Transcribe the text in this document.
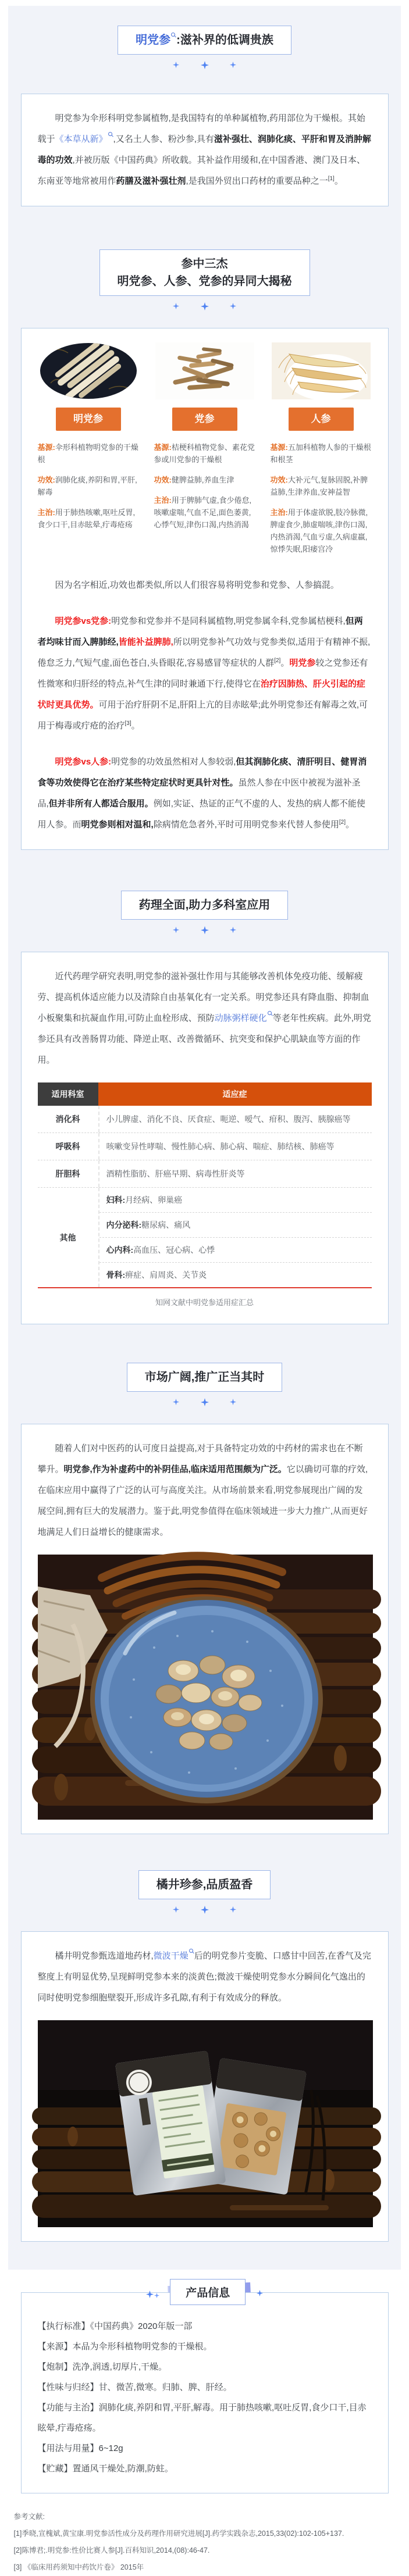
明党参 :滋补界的低调贵族

明党参为伞形科明党参属植物,是我国特有的单种属植物,药用部位为干燥根。其始载于《本草从新》 ,又名土人参、粉沙参,具有滋补强壮、润肺化痰、平肝和胃及消肿解毒的功效,并被历版《中国药典》所收载。其补益作用缓和,在中国香港、澳门及日本、东南亚等地常被用作药膳及滋补强壮剂,是我国外贸出口药材的重要品种之一[1]。

参中三杰
明党参、人参、党参的异同大揭秘

明党参
基源:伞形科植物明党参的干燥根
功效:润肺化痰,养阴和胃,平肝,解毒
主治:用于肺热咳嗽,呕吐反胃,食少口干,目赤眩晕,疔毒疮疡
党参
基源:桔梗科植物党参、素花党参或川党参的干燥根
功效:健脾益肺,养血生津
主治:用于脾肺气虚,食少倦怠,咳嗽虚喘,气血不足,面色萎黄,心悸气短,津伤口渴,内热消渴
人参
基源:五加科植物人参的干燥根和根茎
功效:大补元气,复脉固脱,补脾益肺,生津养血,安神益智
主治:用于体虚欲脱,肢冷脉微,脾虚食少,肺虚喘咳,津伤口渴,内热消渴,气血亏虚,久病虚羸,惊悸失眠,阳痿宫冷

因为名字相近,功效也都类似,所以人们很容易将明党参和党参、人参搞混。

明党参vs党参:明党参和党参并不是同科属植物,明党参属伞科,党参属桔梗科,但两者均味甘而入脾肺经,皆能补益脾肺,所以明党参补气功效与党参类似,适用于有精神不振,倦怠乏力,气短气虚,面色苍白,头昏眼花,容易感冒等症状的人群[2]。明党参较之党参还有性微寒和归肝经的特点,补气生津的同时兼通下行,使得它在治疗因肺热、肝火引起的症状时更具优势。可用于治疗肝阴不足,肝阳上亢的目赤眩晕;此外明党参还有解毒之效,可用于梅毒或疔疮的治疗[3]。

明党参vs人参:明党参的功效虽然相对人参较弱,但其润肺化痰、清肝明目、健胃消食等功效使得它在治疗某些特定症状时更具针对性。虽然人参在中医中被视为滋补圣品,但并非所有人都适合服用。例如,实证、热证的正气不虚的人、发热的病人都不能使用人参。而明党参则相对温和,除病情危急者外,平时可用明党参来代替人参使用[2]。

药理全面,助力多科室应用

近代药理学研究表明,明党参的滋补强壮作用与其能够改善机体免疫功能、缓解疲劳、提高机体适应能力以及清除自由基氧化有一定关系。明党参还具有降血脂、抑制血小板聚集和抗凝血作用,可防止血栓形成、预防动脉粥样硬化 等老年性疾病。此外,明党参还具有改善肠胃功能、降逆止呕、改善微循环、抗突变和保护心肌缺血等方面的作用。

适用科室	适应症
消化科	小儿脾虚、消化不良、厌食症、呃逆、嗳气、疳积、腹泻、胰腺癌等
呼吸科	咳嗽变异性哮喘、慢性肺心病、肺心病、喘症、肺结核、肺癌等
肝胆科	酒精性脂肪、肝癌早期、病毒性肝炎等
其他
妇科:月经病、卵巢癌
内分泌科:糖尿病、痛风
心内科:高血压、冠心病、心悸
骨科:痹症、肩周炎、关节炎
知网文献中明党参适用症汇总
市场广阔,推广正当其时

随着人们对中医药的认可度日益提高,对于具备特定功效的中药材的需求也在不断攀升。明党参,作为补虚药中的补阴佳品,临床适用范围颇为广泛。它以确切可靠的疗效,在临床应用中赢得了广泛的认可与高度关注。从市场前景来看,明党参展现出广阔的发展空间,拥有巨大的发展潜力。鉴于此,明党参值得在临床领域进一步大力推广,从而更好地满足人们日益增长的健康需求。

橘井珍参,品质盈香

橘井明党参甄选道地药材,微波干燥 后的明党参片变脆、口感甘中回苦,在香气及完整度上有明显优势,呈现鲜明党参本来的淡黄色;微波干燥使明党参水分瞬间化气逸出的同时使明党参细胞壁裂开,形成许多孔隙,有利于有效成分的释放。

产品信息

【执行标准】《中国药典》2020年版一部

【来源】本品为伞形科植物明党参的干燥根。

【炮制】洗净,润透,切厚片,干燥。

【性味与归经】甘、微苦,微寒。归肺、脾、肝经。

【功能与主治】润肺化痰,养阴和胃,平肝,解毒。用于肺热咳嗽,呕吐反胃,食少口干,目赤眩晕,疔毒疮疡。

【用法与用量】6~12g

【贮藏】置通风干燥处,防潮,防蛀。

参考文献:
[1]季晓,宣槐斌,黄宝康.明党参活性成分及药理作用研究进展[J].药学实践杂志,2015,33(02):102-105+137.
[2]陈博君;.明党参:性价比赛人参[J].百科知识,2014,(08):46-47.
[3] 《临床用药须知中药饮片卷》 2015年
